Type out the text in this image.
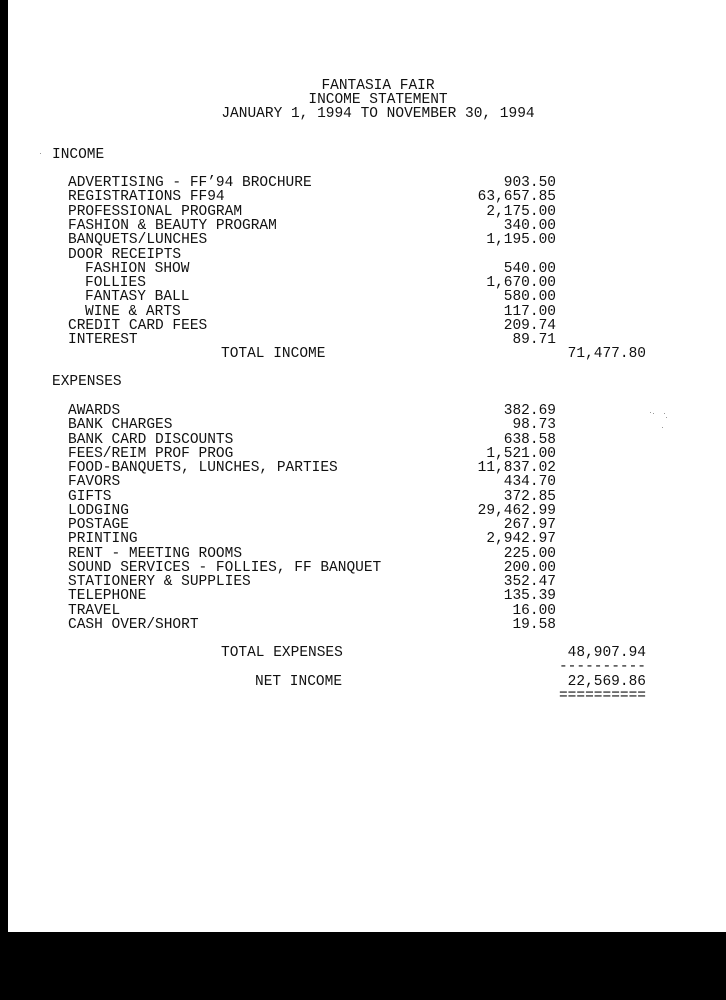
FANTASIA FAIR
INCOME STATEMENT
JANUARY 1, 1994 TO NOVEMBER 30, 1994
INCOME
ADVERTISING - FF’94 BROCHURE	903.50
REGISTRATIONS FF94	63,657.85
PROFESSIONAL PROGRAM	2,175.00
FASHION & BEAUTY PROGRAM	340.00
BANQUETS/LUNCHES	1,195.00
DOOR RECEIPTS
FASHION SHOW	540.00
FOLLIES	1,670.00
FANTASY BALL	580.00
WINE & ARTS	117.00
CREDIT CARD FEES	209.74
INTEREST	89.71
TOTAL INCOME	71,477.80
EXPENSES
AWARDS	382.69
BANK CHARGES	98.73
BANK CARD DISCOUNTS	638.58
FEES/REIM PROF PROG	1,521.00
FOOD-BANQUETS, LUNCHES, PARTIES	11,837.02
FAVORS	434.70
GIFTS	372.85
LODGING	29,462.99
POSTAGE	267.97
PRINTING	2,942.97
RENT - MEETING ROOMS	225.00
SOUND SERVICES - FOLLIES, FF BANQUET	200.00
STATIONERY & SUPPLIES	352.47
TELEPHONE	135.39
TRAVEL	16.00
CASH OVER/SHORT	19.58
TOTAL EXPENSES	48,907.94
----------
NET INCOME	22,569.86
==========
